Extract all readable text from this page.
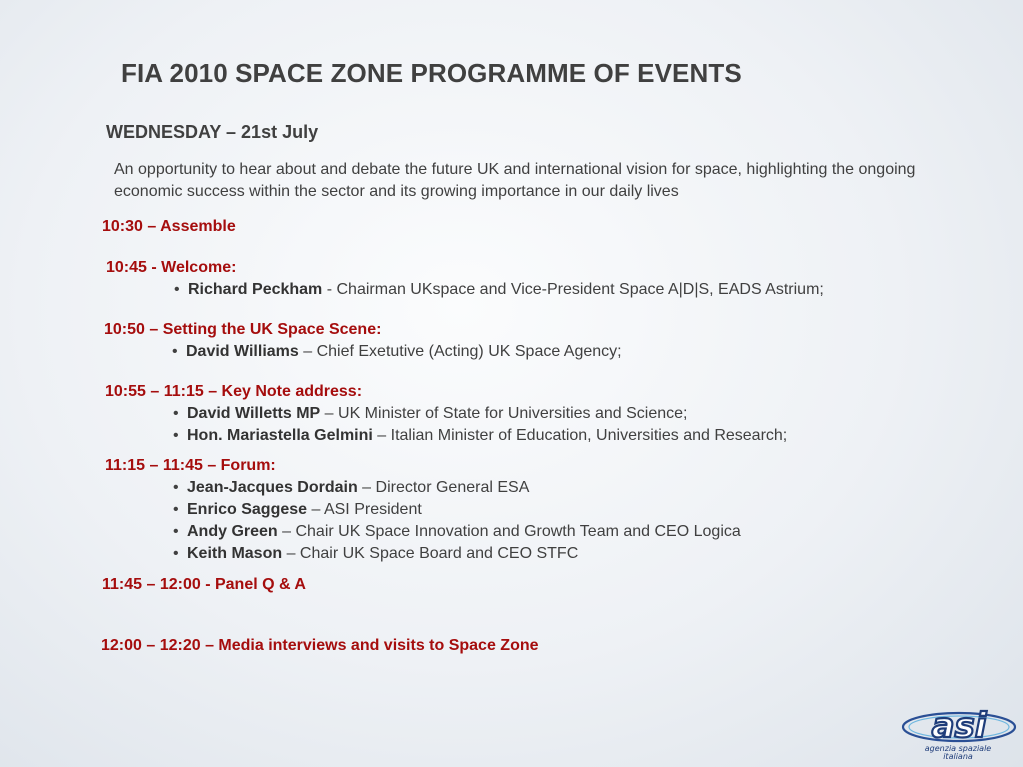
FIA 2010 SPACE ZONE PROGRAMME OF EVENTS
WEDNESDAY – 21st July
An opportunity to hear about and debate the future UK and international vision for space, highlighting the ongoing economic success within the sector and its growing importance in our daily lives
10:30 – Assemble
10:45 - Welcome:
• Richard Peckham - Chairman UKspace and Vice-President Space A|D|S, EADS Astrium;
10:50 – Setting the UK Space Scene:
• David Williams – Chief Exetutive (Acting) UK Space Agency;
10:55 – 11:15 – Key Note address:
• David Willetts MP – UK Minister of State for Universities and Science;
• Hon. Mariastella Gelmini – Italian Minister of Education, Universities and Research;
11:15 – 11:45 – Forum:
• Jean-Jacques Dordain – Director General ESA
• Enrico Saggese – ASI President
• Andy Green – Chair UK Space Innovation and Growth Team and CEO Logica
• Keith Mason – Chair UK Space Board and CEO STFC
11:45 – 12:00 - Panel Q & A
12:00 – 12:20 – Media interviews and visits to Space Zone
asi
agenzia spaziale
italiana
